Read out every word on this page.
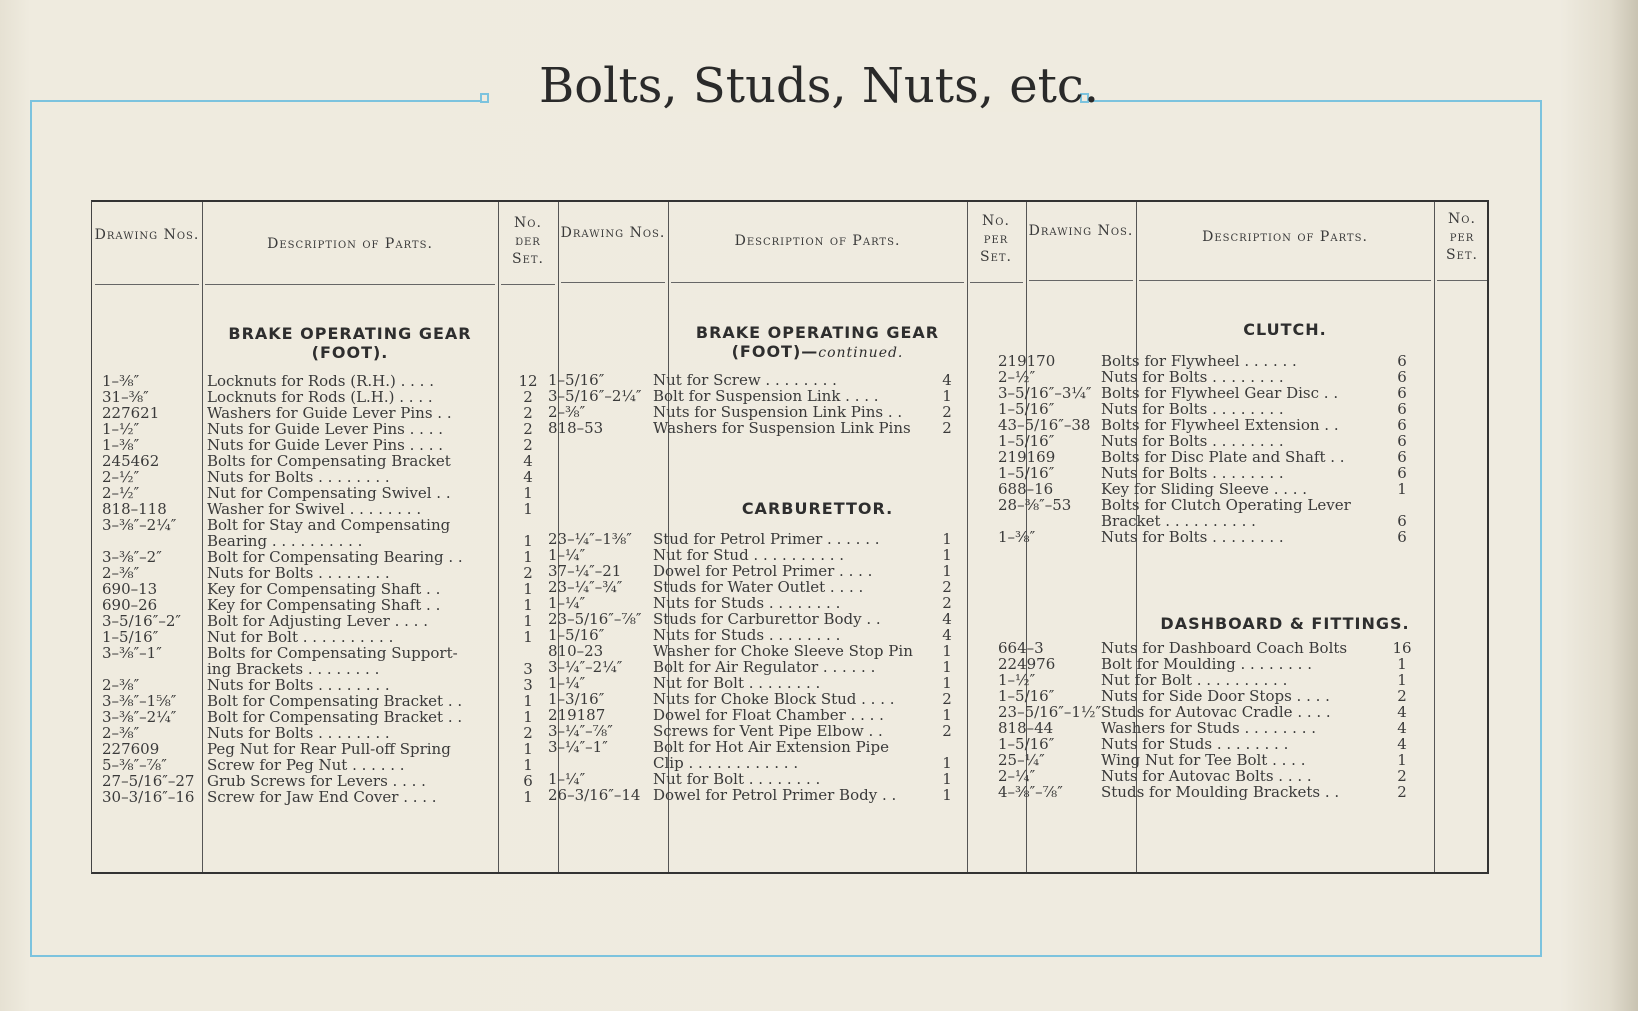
Bolts, Studs, Nuts, etc.
Drawing Nos.
Description of Parts.
No. ɒer Set.
Drawing Nos.	Description of Parts.
No. per Set.
Drawing Nos.	Description of Parts.
No. per Set.
BRAKE OPERATING GEAR (FOOT).
BRAKE OPERATING GEAR
(FOOT)—continued.
CARBURETTOR.
CLUTCH.
DASHBOARD & FITTINGS.
1–⅜″	Locknuts for Rods (R.H.) . . . .	12
31–⅜″	Locknuts for Rods (L.H.) . . . .	2
227621	Washers for Guide Lever Pins . .	2
1–½″	Nuts for Guide Lever Pins . . . .	2
1–⅜″	Nuts for Guide Lever Pins . . . .	2
245462	Bolts for Compensating Bracket	4
2–½″	Nuts for Bolts . . . . . . . .	4
2–½″	Nut for Compensating Swivel . .	1
818–118	Washer for Swivel . . . . . . . .	1
3–⅜″–2¼″ Bolt for Stay and Compensating
Bearing . . . . . . . . . .	1
3–⅜″–2″	Bolt for Compensating Bearing . .	1
2–⅜″	Nuts for Bolts . . . . . . . .	2
690–13	Key for Compensating Shaft . .	1
690–26	Key for Compensating Shaft . .	1
3–5/16″–2″ Bolt for Adjusting Lever . . . .	1
1–5/16″	Nut for Bolt . . . . . . . . . .	1
3–⅜″–1″	Bolts for Compensating Support-
ing Brackets . . . . . . . .	3
2–⅜″	Nuts for Bolts . . . . . . . .	3
3–⅜″–1⅝″ Bolt for Compensating Bracket . .	1
3–⅜″–2¼″ Bolt for Compensating Bracket . .	1
2–⅜″	Nuts for Bolts . . . . . . . .	2
227609	Peg Nut for Rear Pull-off Spring	1
5–⅜″–⅞″	Screw for Peg Nut . . . . . .	1
27–5/16″–27 Grub Screws for Levers . . . .	6
30–3/16″–16 Screw for Jaw End Cover . . . .	1
1–5/16″	Nut for Screw . . . . . . . .	4
3–5/16″–2¼″ Bolt for Suspension Link . . . .	1
2–⅜″	Nuts for Suspension Link Pins . .	2
818–53	Washers for Suspension Link Pins	2
23–¼″–1⅜″ Stud for Petrol Primer . . . . . .	1
1–¼″	Nut for Stud . . . . . . . . . .	1
37–¼″–21 Dowel for Petrol Primer . . . .	1
23–¼″–¾″ Studs for Water Outlet . . . .	2
1–¼″	Nuts for Studs . . . . . . . .	2
23–5/16″–⅞″ Studs for Carburettor Body . .	4
1–5/16″	Nuts for Studs . . . . . . . .	4
810–23	Washer for Choke Sleeve Stop Pin	1
3–¼″–2¼″ Bolt for Air Regulator . . . . . .	1
1–¼″	Nut for Bolt . . . . . . . .	1
1–3/16″	Nuts for Choke Block Stud . . . .	2
219187	Dowel for Float Chamber . . . .	1
3–¼″–⅞″	Screws for Vent Pipe Elbow . .	2
3–¼″–1″	Bolt for Hot Air Extension Pipe
Clip . . . . . . . . . . . .	1
1–¼″	Nut for Bolt . . . . . . . .	1
26–3/16″–14 Dowel for Petrol Primer Body . .	1
219170	Bolts for Flywheel . . . . . .	6
2–½″	Nuts for Bolts . . . . . . . .	6
3–5/16″–3¼″ Bolts for Flywheel Gear Disc . .	6
1–5/16″	Nuts for Bolts . . . . . . . .	6
43–5/16″–38 Bolts for Flywheel Extension . .	6
1–5/16″	Nuts for Bolts . . . . . . . .	6
219169	Bolts for Disc Plate and Shaft . .	6
1–5/16″	Nuts for Bolts . . . . . . . .	6
688–16	Key for Sliding Sleeve . . . .	1
28–⅜″–53 Bolts for Clutch Operating Lever
Bracket . . . . . . . . . .	6
1–⅜″	Nuts for Bolts . . . . . . . .	6
664–3	Nuts for Dashboard Coach Bolts	16
224976	Bolt for Moulding . . . . . . . .	1
1–½″	Nut for Bolt . . . . . . . . . .	1
1–5/16″	Nuts for Side Door Stops . . . .	2
23–5/16″–1½″ Studs for Autovac Cradle . . . .	4
818–44	Washers for Studs . . . . . . . .	4
1–5/16″	Nuts for Studs . . . . . . . .	4
25–¼″	Wing Nut for Tee Bolt . . . .	1
2–¼″	Nuts for Autovac Bolts . . . .	2
4–⅜″–⅞″	Studs for Moulding Brackets . .	2
